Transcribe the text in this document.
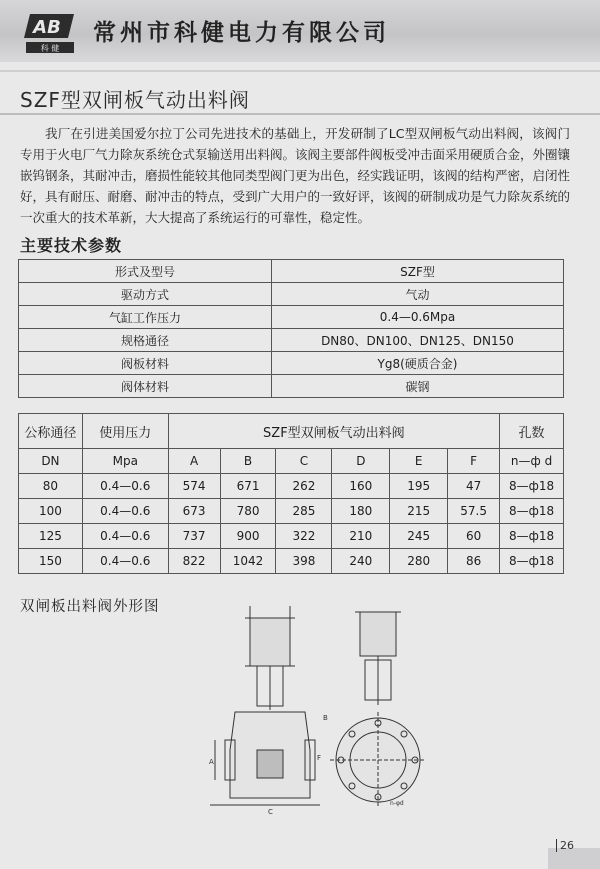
AB
科 健
常州市科健电力有限公司
SZF型双闸板气动出料阀
我厂在引进美国爱尔拉丁公司先进技术的基础上，开发研制了LC型双闸板气动出料阀，该阀门专用于火电厂气力除灰系统仓式泵输送用出料阀。该阀主要部件阀板受冲击面采用硬质合金，外圈镶嵌钨钢条，其耐冲击，磨损性能较其他同类型阀门更为出色，经实践证明，该阀的结构严密，启闭性好，具有耐压、耐磨、耐冲击的特点，受到广大用户的一致好评，该阀的研制成功是气力除灰系统的一次重大的技术革新，大大提高了系统运行的可靠性，稳定性。
主要技术参数
形式及型号	SZF型
驱动方式	气动
气缸工作压力	0.4—0.6Mpa
规格通径	DN80、DN100、DN125、DN150
阀板材料	Yg8(硬质合金)
阀体材料	碳钢
公称通径	使用压力	SZF型双闸板气动出料阀						孔数
DN	Mpa	A	B	C	D	E	F	n—ф d
80	0.4—0.6	574	671	262	160	195	47	8—ф18
100	0.4—0.6	673	780	285	180	215	57.5	8—ф18
125	0.4—0.6	737	900	322	210	245	60	8—ф18
150	0.4—0.6	822	1042	398	240	280	86	8—ф18
双闸板出料阀外形图
A
C
B
F
n-φd
26
